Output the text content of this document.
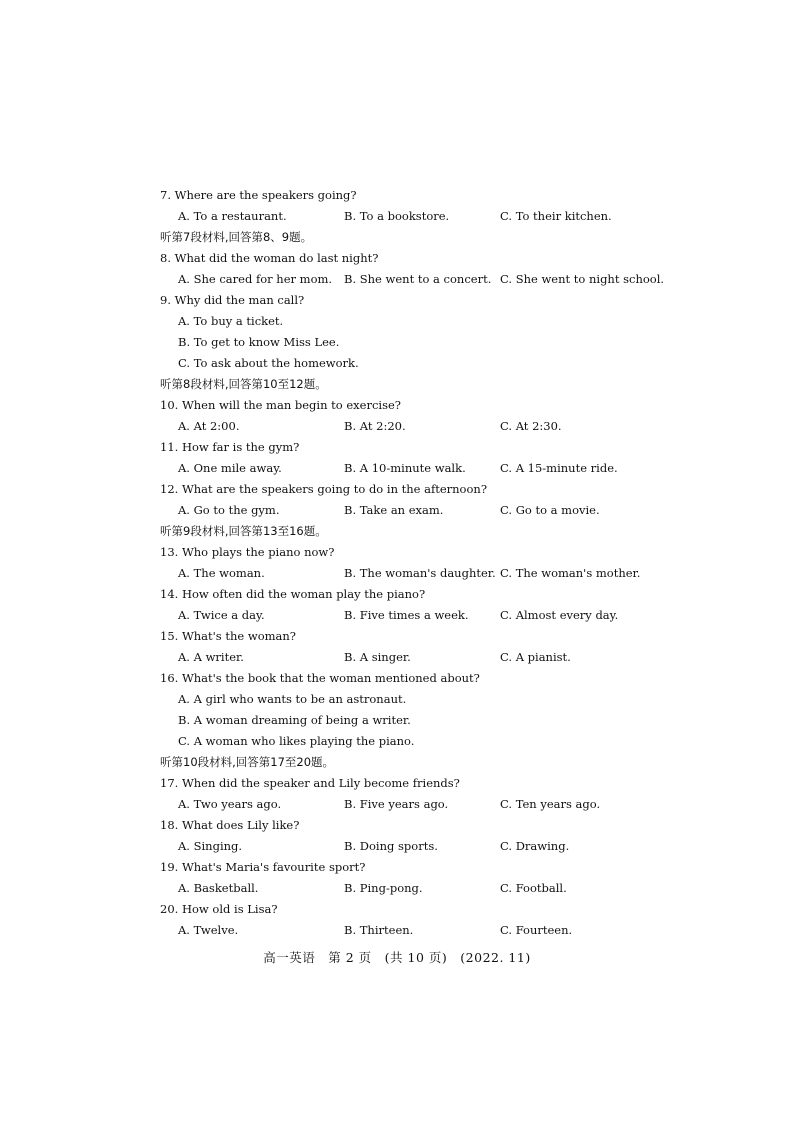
7. Where are the speakers going?
A. To a restaurant.	B. To a bookstore.	C. To their kitchen.
听第7段材料,回答第8、9题。
8. What did the woman do last night?
A. She cared for her mom. B. She went to a concert. C. She went to night school.
9. Why did the man call?
A. To buy a ticket.
B. To get to know Miss Lee.
C. To ask about the homework.
听第8段材料,回答第10至12题。
10. When will the man begin to exercise?
A. At 2:00.	B. At 2:20.	C. At 2:30.
11. How far is the gym?
A. One mile away.	B. A 10-minute walk.	C. A 15-minute ride.
12. What are the speakers going to do in the afternoon?
A. Go to the gym.	B. Take an exam.	C. Go to a movie.
听第9段材料,回答第13至16题。
13. Who plays the piano now?
A. The woman.	B. The woman's daughter. C. The woman's mother.
14. How often did the woman play the piano?
A. Twice a day.	B. Five times a week.	C. Almost every day.
15. What's the woman?
A. A writer.	B. A singer.	C. A pianist.
16. What's the book that the woman mentioned about?
A. A girl who wants to be an astronaut.
B. A woman dreaming of being a writer.
C. A woman who likes playing the piano.
听第10段材料,回答第17至20题。
17. When did the speaker and Lily become friends?
A. Two years ago.	B. Five years ago.	C. Ten years ago.
18. What does Lily like?
A. Singing.	B. Doing sports.	C. Drawing.
19. What's Maria's favourite sport?
A. Basketball.	B. Ping-pong.	C. Football.
20. How old is Lisa?
A. Twelve.	B. Thirteen.	C. Fourteen.
高一英语　第 2 页　(共 10 页)　(2022. 11)
